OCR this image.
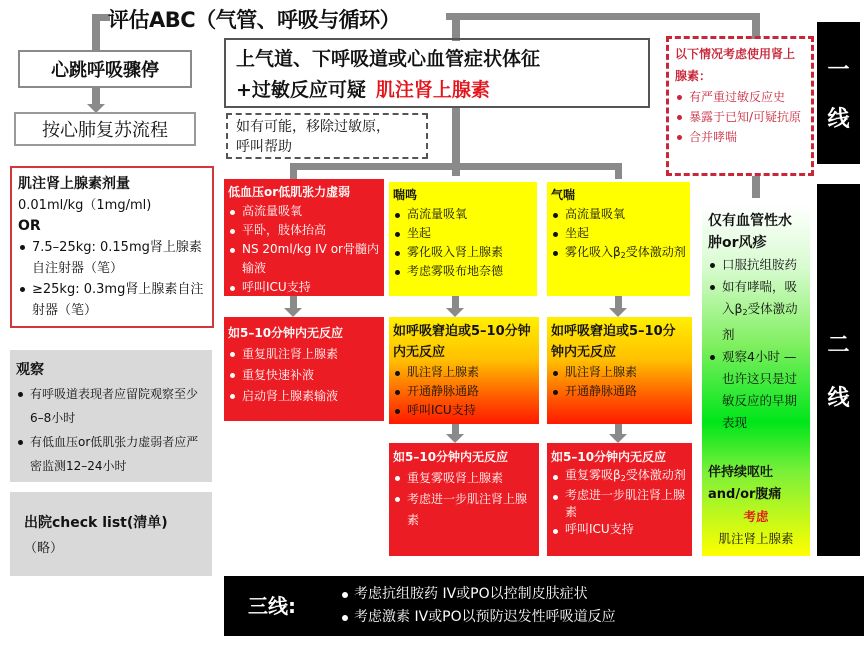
评估ABC（气管、呼吸与循环）
心跳呼吸骤停
按心肺复苏流程
上气道、下呼吸道或心血管症状体征
+过敏反应可疑 肌注肾上腺素
如有可能，移除过敏原，
呼叫帮助
以下情况考虑使用肾上腺素：
有严重过敏反应史
暴露于已知/可疑抗原
合并哮喘
一
线
二
线
肌注肾上腺素剂量
0.01ml/kg（1mg/ml)
OR
7.5–25kg: 0.15mg肾上腺素自注射器（笔）
≥25kg: 0.3mg肾上腺素自注射器（笔）
观察
有呼吸道表现者应留院观察至少6–8小时
有低血压or低肌张力虚弱者应严密监测12–24小时
出院check list(清单)
（略）
低血压or低肌张力虚弱
高流量吸氧
平卧，肢体抬高
NS 20ml/kg IV or骨髓内输液
呼叫ICU支持
如5–10分钟内无反应
重复肌注肾上腺素
重复快速补液
启动肾上腺素输液
喘鸣
高流量吸氧
坐起
雾化吸入肾上腺素
考虑雾吸布地奈德
如呼吸窘迫或5–10分钟内无反应
肌注肾上腺素
开通静脉通路
呼叫ICU支持
如5–10分钟内无反应
重复雾吸肾上腺素
考虑进一步肌注肾上腺素
气喘
高流量吸氧
坐起
雾化吸入$\beta_2$受体激动剂
如呼吸窘迫或5–10分钟内无反应
肌注肾上腺素
开通静脉通路
如5–10分钟内无反应
重复雾吸$\beta_2$受体激动剂
考虑进一步肌注肾上腺素
呼叫ICU支持
仅有血管性水肿or风疹
口服抗组胺药
如有哮喘，吸入$\beta_2$受体激动剂
观察4小时 — 也许这只是过敏反应的早期表现
伴持续呕吐and/or腹痛
考虑
肌注肾上腺素
三线:	考虑抗组胺药 IV或PO以控制皮肤症状
考虑激素 IV或PO以预防迟发性呼吸道反应
